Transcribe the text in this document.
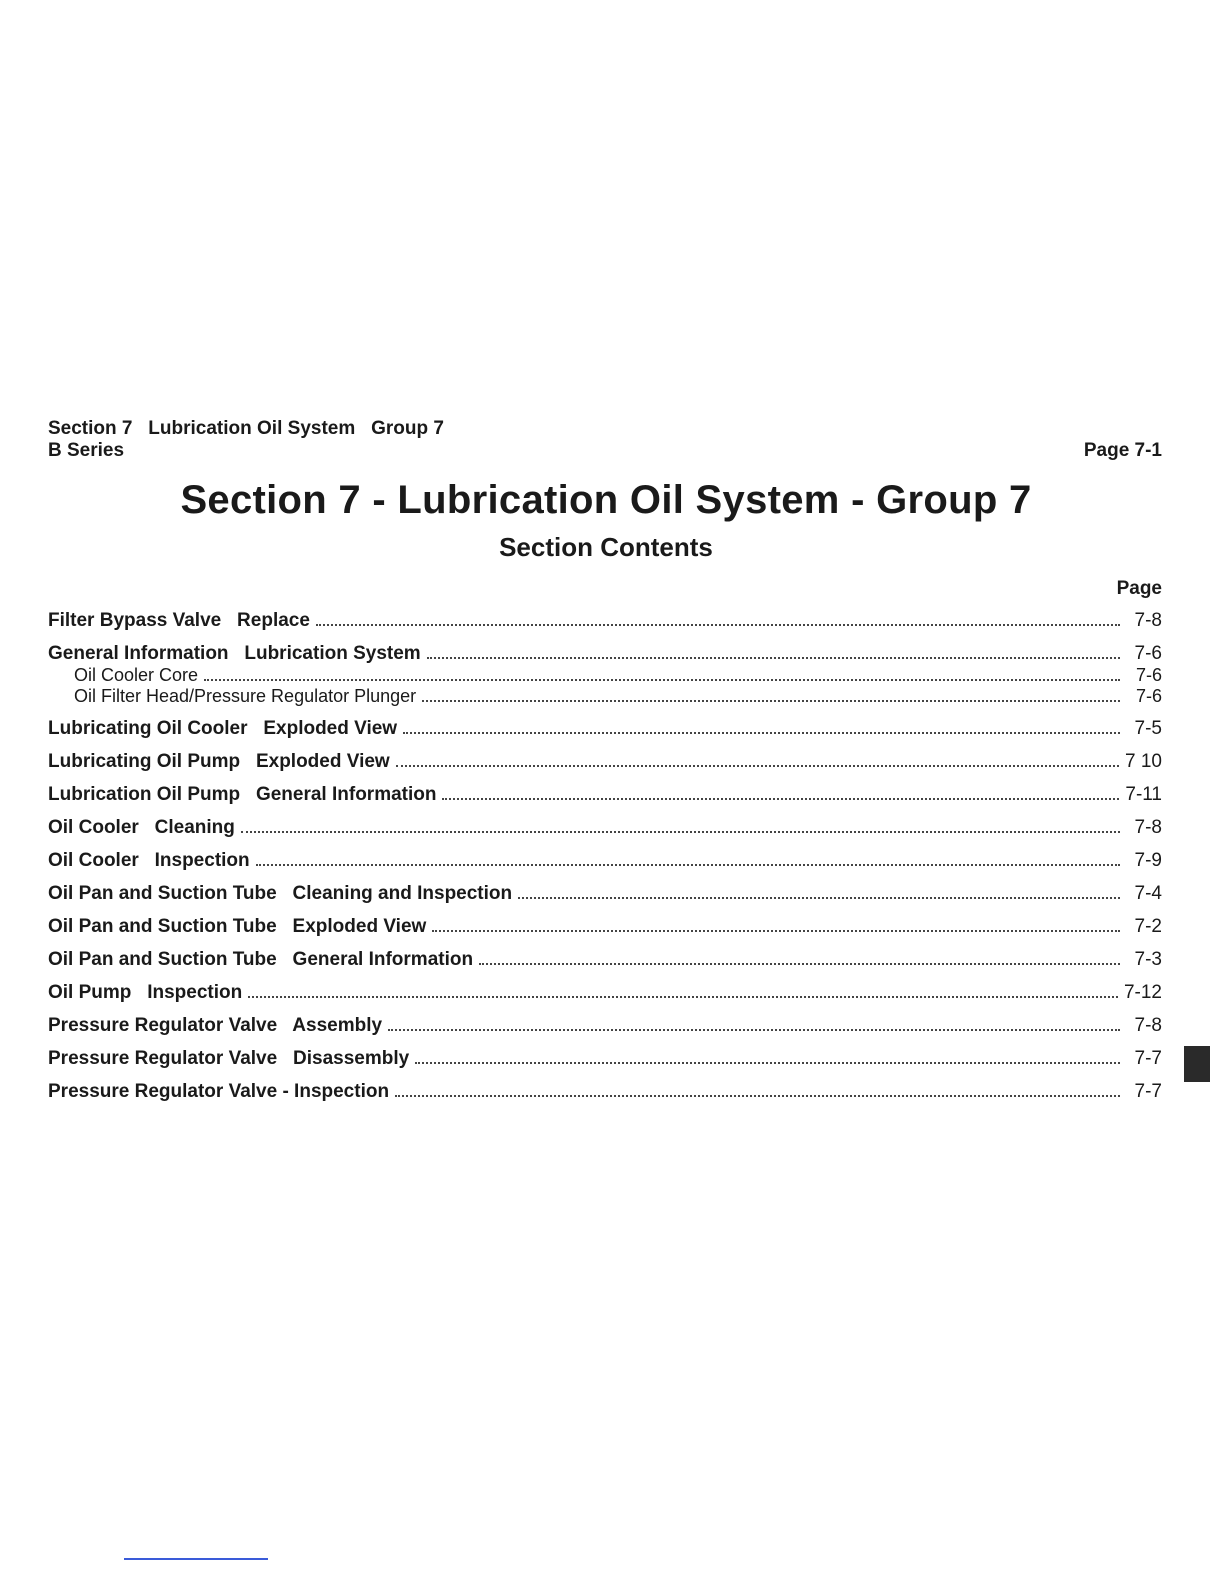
Section 7   Lubrication Oil System   Group 7
B Series	Page 7-1
Section 7 - Lubrication Oil System - Group 7
Section Contents
Page
Filter Bypass Valve   Replace	7-8
General Information   Lubrication System	7-6
Oil Cooler Core	7-6
Oil Filter Head/Pressure Regulator Plunger	7-6
Lubricating Oil Cooler   Exploded View	7-5
Lubricating Oil Pump   Exploded View	7 10
Lubrication Oil Pump   General Information	7-11
Oil Cooler   Cleaning	7-8
Oil Cooler   Inspection	7-9
Oil Pan and Suction Tube   Cleaning and Inspection	7-4
Oil Pan and Suction Tube   Exploded View	7-2
Oil Pan and Suction Tube   General Information	7-3
Oil Pump   Inspection	7-12
Pressure Regulator Valve   Assembly	7-8
Pressure Regulator Valve   Disassembly	7-7
Pressure Regulator Valve - Inspection	7-7
